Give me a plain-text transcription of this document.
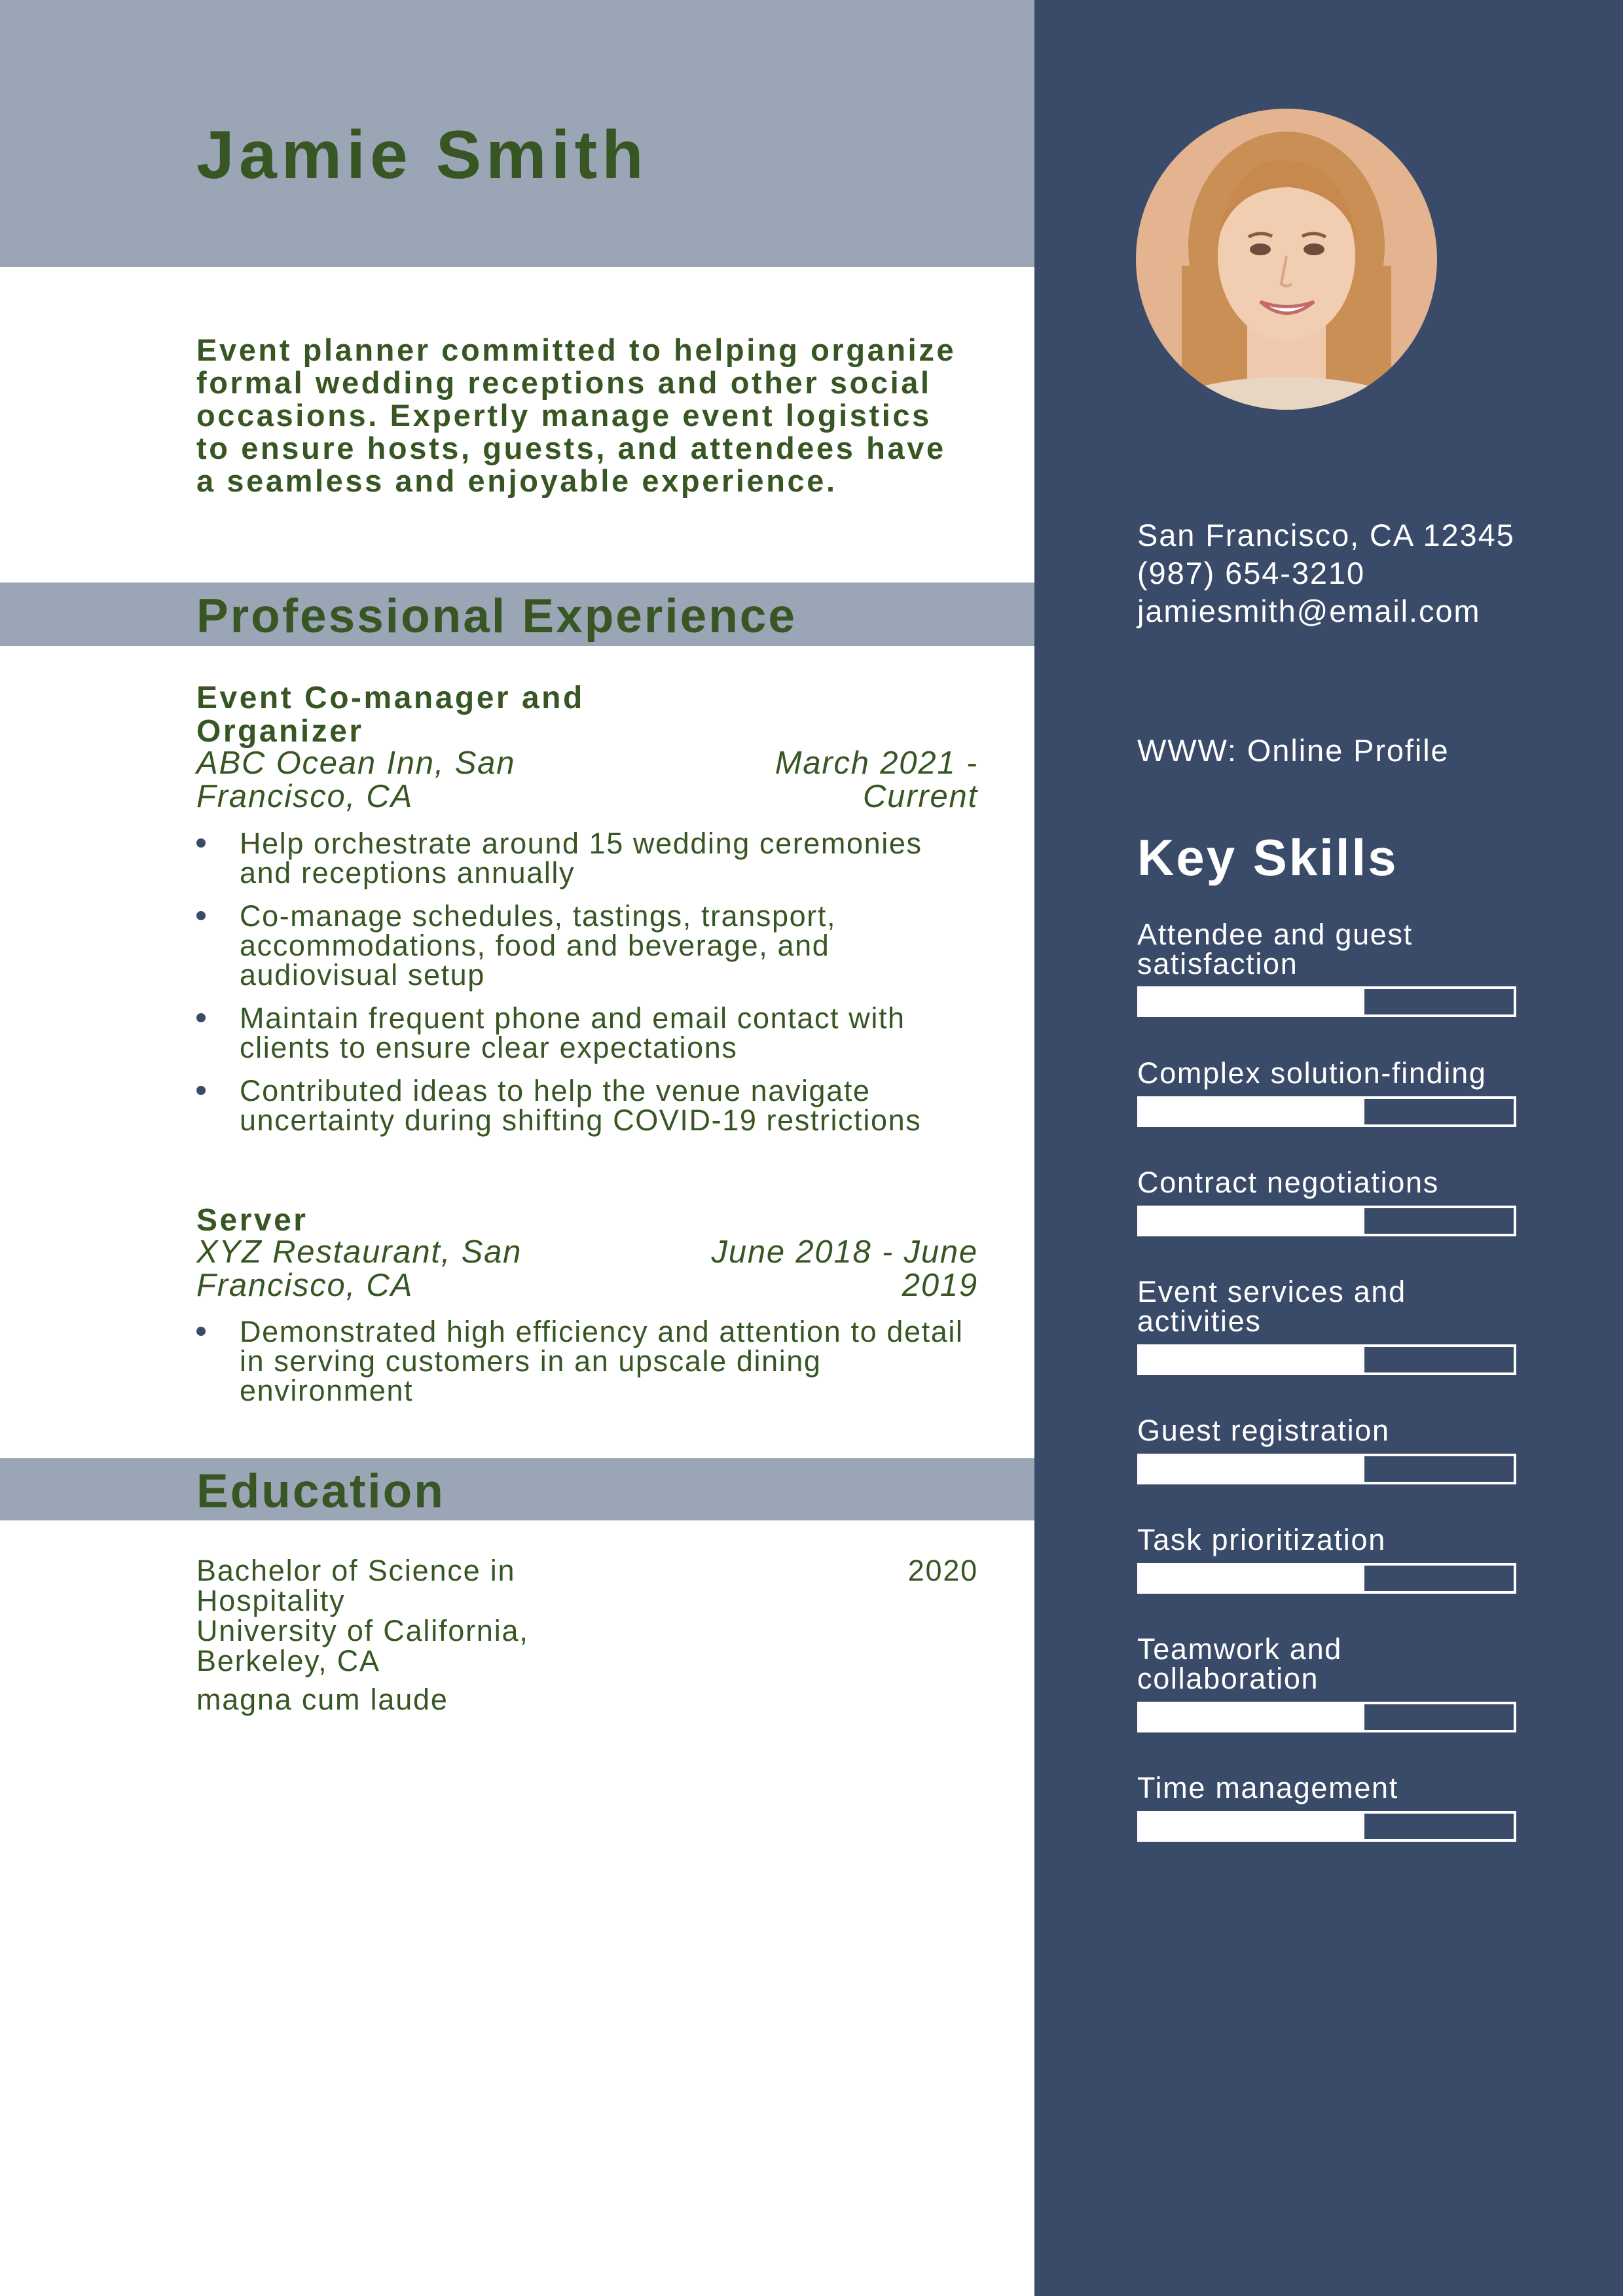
Jamie Smith
Event planner committed to helping organize formal wedding receptions and other social occasions. Expertly manage event logistics to ensure hosts, guests, and attendees have a seamless and enjoyable experience.
Professional Experience
Event Co-manager and Organizer
ABC Ocean Inn, San Francisco, CA
March 2021 - Current
Help orchestrate around 15 wedding ceremonies and receptions annually
Co-manage schedules, tastings, transport, accommodations, food and beverage, and audiovisual setup
Maintain frequent phone and email contact with clients to ensure clear expectations
Contributed ideas to help the venue navigate uncertainty during shifting COVID-19 restrictions
Server
XYZ Restaurant, San Francisco, CA
June 2018 - June 2019
Demonstrated high efficiency and attention to detail in serving customers in an upscale dining environment
Education
Bachelor of Science in Hospitality
2020
University of California, Berkeley, CA
magna cum laude
San Francisco, CA 12345
(987) 654-3210
jamiesmith@email.com
WWW: Online Profile
Key Skills
Attendee and guest satisfaction
Complex solution-finding
Contract negotiations
Event services and activities
Guest registration
Task prioritization
Teamwork and collaboration
Time management
